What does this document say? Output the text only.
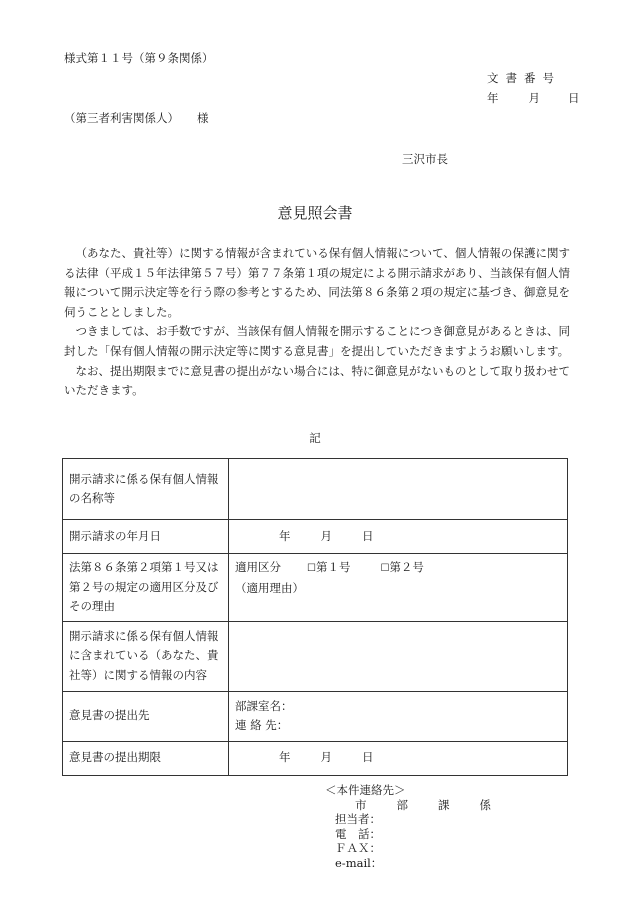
様式第１１号（第９条関係）
文書番号
年	月 日
（第三者利害関係人） 様
三沢市長
意見照会書

（あなた、貴社等）に関する情報が含まれている保有個人情報について、個人情報の保護に関する法律（平成１５年法律第５７号）第７７条第１項の規定による開示請求があり、当該保有個人情報について開示決定等を行う際の参考とするため、同法第８６条第２項の規定に基づき、御意見を伺うこととしました。

つきましては、お手数ですが、当該保有個人情報を開示することにつき御意見があるときは、同封した「保有個人情報の開示決定等に関する意見書」を提出していただきますようお願いします。

なお、提出期限までに意見書の提出がない場合には、特に御意見がないものとして取り扱わせていただきます。

記
開示請求に係る保有個人情報の名称等	
開示請求の年月日	年 月 日
法第８６条第２項第１号又は第２号の規定の適用区分及びその理由	適用区分 ☐第１号 ☐第２号
（適用理由）

開示請求に係る保有個人情報に含まれている（あなた、貴社等）に関する情報の内容	
意見書の提出先	部課室名：
連 絡 先：

意見書の提出期限	年 月 日
＜本件連絡先＞
市	部	課	係
担当者：
電　話：
ＦＡＸ：
e-mail：
